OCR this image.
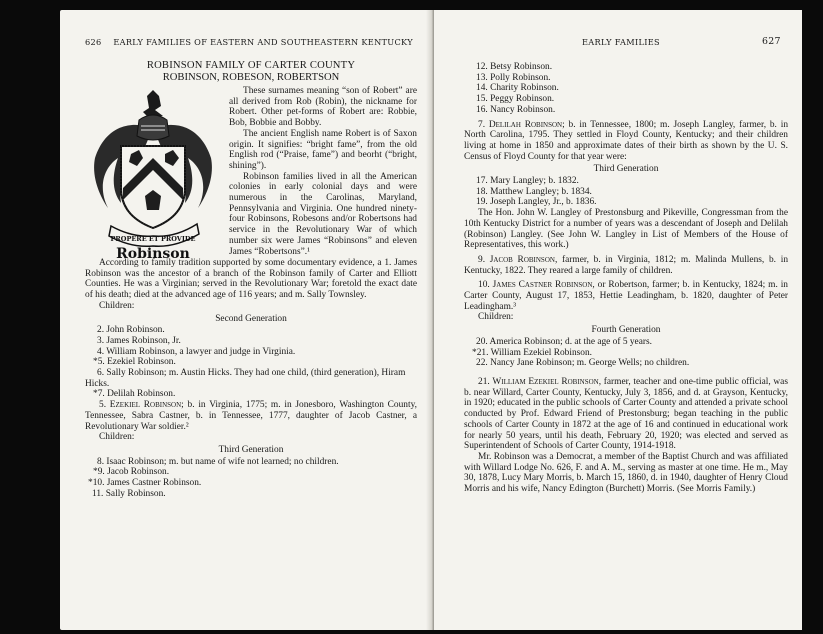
626 EARLY FAMILIES OF EASTERN AND SOUTHEASTERN KENTUCKY
ROBINSON FAMILY OF CARTER COUNTY
ROBINSON, ROBESON, ROBERTSON
PROPERE ET PROVIDE
Robinson

These surnames meaning “son of Robert” are all derived from Rob (Robin), the nickname for Robert. Other pet-forms of Robert are: Robbie, Bob, Bobbie and Bobby.

The ancient English name Robert is of Saxon origin. It signifies: “bright fame”, from the old English rod (“Praise, fame”) and beorht (“bright, shining”).

Robinson families lived in all the American colonies in early colonial days and were numerous in the Carolinas, Maryland, Pennsylvania and Virginia. One hundred ninety-four Robinsons, Robesons and/or Robertsons had service in the Revolutionary War of which number six were James “Robinsons” and eleven James “Robertsons”.¹

According to family tradition supported by some documentary evidence, a 1. James Robinson was the ancestor of a branch of the Robinson family of Carter and Elliott Counties. He was a Virginian; served in the Revolutionary War; foretold the exact date of his death; died at the advanced age of 116 years; and m. Sally Townsley.

Children:

Second Generation

2. John Robinson.

3. James Robinson, Jr.

4. William Robinson, a lawyer and judge in Virginia.

*5. Ezekiel Robinson.

6. Sally Robinson; m. Austin Hicks. They had one child, (third generation), Hiram Hicks.

*7. Delilah Robinson.

5. Ezekiel Robinson; b. in Virginia, 1775; m. in Jonesboro, Washington County, Tennessee, Sabra Castner, b. in Tennessee, 1777, daughter of Jacob Castner, a Revolutionary War soldier.²

Children:

Third Generation

8. Isaac Robinson; m. but name of wife not learned; no children.

*9. Jacob Robinson.

*10. James Castner Robinson.

11. Sally Robinson.

EARLY FAMILIES	627

12. Betsy Robinson.

13. Polly Robinson.

14. Charity Robinson.

15. Peggy Robinson.

16. Nancy Robinson.

7. Delilah Robinson; b. in Tennessee, 1800; m. Joseph Langley, farmer, b. in North Carolina, 1795. They settled in Floyd County, Kentucky; and their children living at home in 1850 and approximate dates of their birth as shown by the U. S. Census of Floyd County for that year were:

Third Generation

17. Mary Langley; b. 1832.

18. Matthew Langley; b. 1834.

19. Joseph Langley, Jr., b. 1836.

The Hon. John W. Langley of Prestonsburg and Pikeville, Congressman from the 10th Kentucky District for a number of years was a descendant of Joseph and Delilah (Robinson) Langley. (See John W. Langley in List of Members of the House of Representatives, this work.)

9. Jacob Robinson, farmer, b. in Virginia, 1812; m. Malinda Mullens, b. in Kentucky, 1822. They reared a large family of children.

10. James Castner Robinson, or Robertson, farmer; b. in Kentucky, 1824; m. in Carter County, August 17, 1853, Hettie Leadingham, b. 1820, daughter of Peter Leadingham.³

Children:

Fourth Generation

20. America Robinson; d. at the age of 5 years.

*21. William Ezekiel Robinson.

22. Nancy Jane Robinson; m. George Wells; no children.

21. William Ezekiel Robinson, farmer, teacher and one-time public official, was b. near Willard, Carter County, Kentucky, July 3, 1856, and d. at Grayson, Kentucky, in 1920; educated in the public schools of Carter County and attended a private school conducted by Prof. Edward Friend of Prestonsburg; began teaching in the public schools of Carter County in 1872 at the age of 16 and continued in educational work for nearly 50 years, until his death, February 20, 1920; was elected and served as Superintendent of Schools of Carter County, 1914-1918.

Mr. Robinson was a Democrat, a member of the Baptist Church and was affiliated with Willard Lodge No. 626, F. and A. M., serving as master at one time. He m., May 30, 1878, Lucy Mary Morris, b. March 15, 1860, d. in 1940, daughter of Henry Cloud Morris and his wife, Nancy Edington (Burchett) Morris. (See Morris Family.)
